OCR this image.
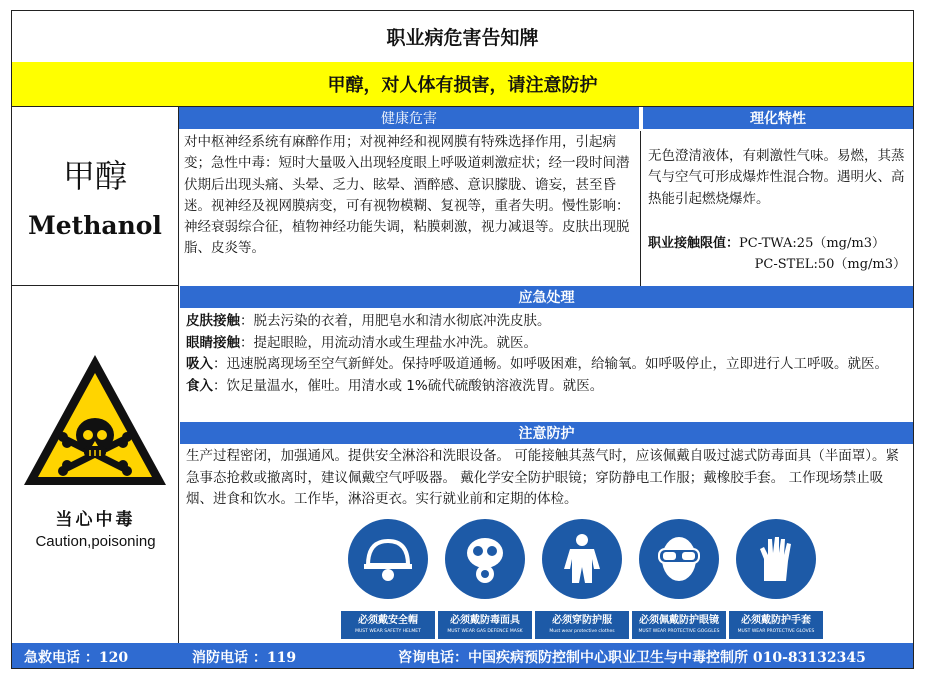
职业病危害告知牌
甲醇，对人体有损害，请注意防护
甲醇
Methanol
健康危害	理化特性
对中枢神经系统有麻醉作用；对视神经和视网膜有特殊选择作用，引起病变；急性中毒：短时大量吸入出现轻度眼上呼吸道刺激症状；经一段时间潜伏期后出现头痛、头晕、乏力、眩晕、酒醉感、意识朦胧、谵妄，甚至昏迷。视神经及视网膜病变，可有视物模糊、复视等，重者失明。慢性影响：神经衰弱综合征，植物神经功能失调，粘膜刺激，视力减退等。皮肤出现脱脂、皮炎等。
无色澄清液体，有刺激性气味。易燃，其蒸气与空气可形成爆炸性混合物。遇明火、高热能引起燃烧爆炸。
职业接触限值：PC-TWA:25（mg/m3）
PC-STEL:50（mg/m3）
当心中毒
Caution,poisoning
应急处理
皮肤接触：脱去污染的衣着，用肥皂水和清水彻底冲洗皮肤。
眼睛接触：提起眼睑，用流动清水或生理盐水冲洗。就医。
吸入：迅速脱离现场至空气新鲜处。保持呼吸道通畅。如呼吸困难，给输氧。如呼吸停止，立即进行人工呼吸。就医。
食入：饮足量温水，催吐。用清水或 1%硫代硫酸钠溶液洗胃。就医。
注意防护
生产过程密闭，加强通风。提供安全淋浴和洗眼设备。 可能接触其蒸气时，应该佩戴自吸过滤式防毒面具（半面罩）。紧急事态抢救或撤离时，建议佩戴空气呼吸器。 戴化学安全防护眼镜；穿防静电工作服；戴橡胶手套。 工作现场禁止吸烟、进食和饮水。工作毕，淋浴更衣。实行就业前和定期的体检。
必须戴安全帽
MUST WEAR SAFETY HELMET
必须戴防毒面具
MUST WEAR GAS DEFENCE MASK
必须穿防护服
Must wear protective clothes
必须佩戴防护眼镜
MUST WEAR PROTECTIVE GOGGLES
必须戴防护手套
MUST WEAR PROTECTIVE GLOVES
急救电话 ：120	消防电话 ：119	咨询电话：中国疾病预防控制中心职业卫生与中毒控制所 010-83132345
